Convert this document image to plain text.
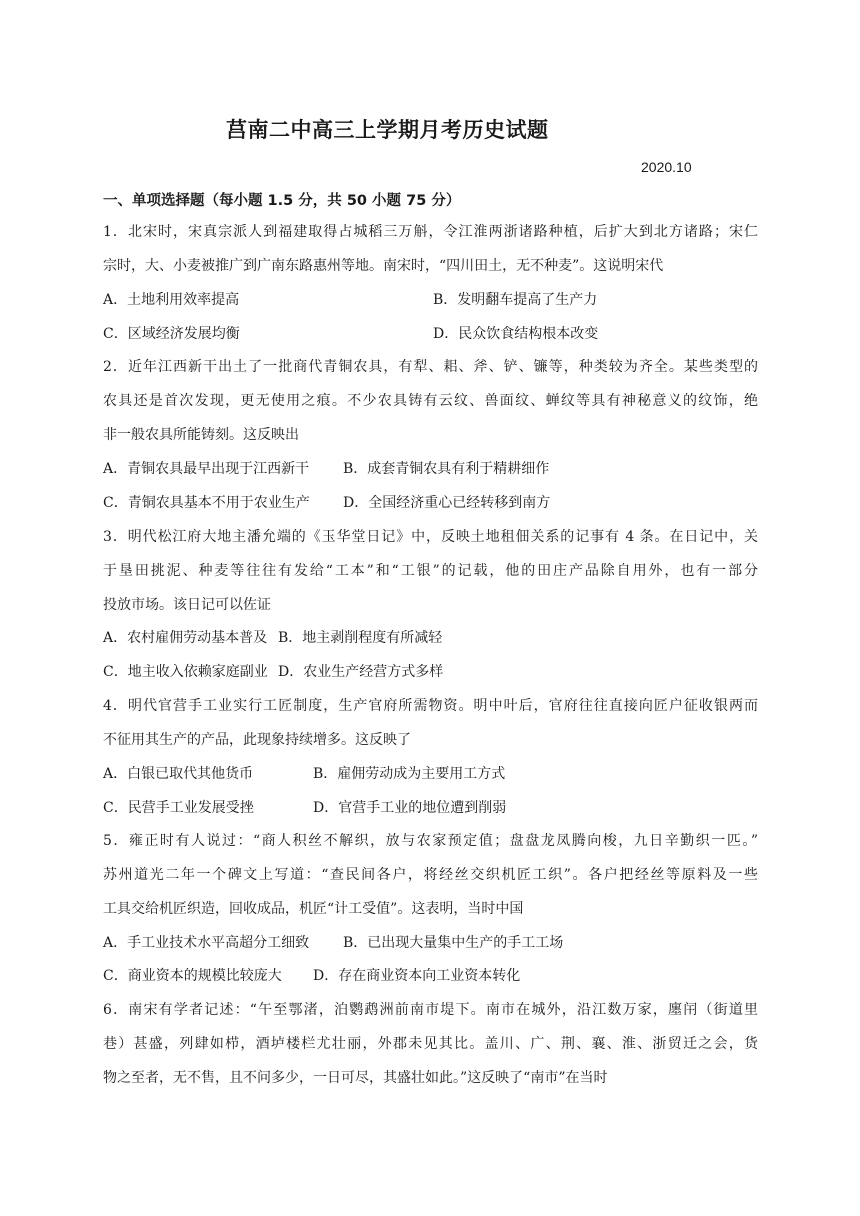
莒南二中高三上学期月考历史试题
2020.10
一、单项选择题（每小题 1.5 分，共 50 小题 75 分）
1．北宋时，宋真宗派人到福建取得占城稻三万斛，令江淮两浙诸路种植，后扩大到北方诸路；宋仁
宗时，大、小麦被推广到广南东路惠州等地。南宋时，“四川田土，无不种麦”。这说明宋代
A．土地利用效率提高	B．发明翻车提高了生产力
C．区域经济发展均衡	D．民众饮食结构根本改变
2．近年江西新干出土了一批商代青铜农具，有犁、耜、斧、铲、镰等，种类较为齐全。某些类型的
农具还是首次发现，更无使用之痕。不少农具铸有云纹、兽面纹、蝉纹等具有神秘意义的纹饰，绝
非一般农具所能铸刻。这反映出
A．青铜农具最早出现于江西新干 B．成套青铜农具有利于精耕细作
C．青铜农具基本不用于农业生产 D．全国经济重心已经转移到南方
3．明代松江府大地主潘允端的《玉华堂日记》中，反映土地租佃关系的记事有 4 条。在日记中，关
于垦田挑泥、种麦等往往有发给“工本”和“工银”的记载，他的田庄产品除自用外，也有一部分
投放市场。该日记可以佐证
A．农村雇佣劳动基本普及 B．地主剥削程度有所减轻
C．地主收入依赖家庭副业 D．农业生产经营方式多样
4．明代官营手工业实行工匠制度，生产官府所需物资。明中叶后，官府往往直接向匠户征收银两而
不征用其生产的产品，此现象持续增多。这反映了
A．白银已取代其他货币	B．雇佣劳动成为主要用工方式
C．民营手工业发展受挫	D．官营手工业的地位遭到削弱
5．雍正时有人说过：“商人积丝不解织，放与农家预定值；盘盘龙凤腾向梭，九日辛勤织一匹。”
苏州道光二年一个碑文上写道：“查民间各户，将经丝交织机匠工织”。各户把经丝等原料及一些
工具交给机匠织造，回收成品，机匠“计工受值”。这表明，当时中国
A．手工业技术水平高超分工细致 B．已出现大量集中生产的手工工场
C．商业资本的规模比较庞大 D．存在商业资本向工业资本转化
6．南宋有学者记述：“午至鄂渚，泊鹦鹉洲前南市堤下。南市在城外，沿江数万家，廛闬（街道里
巷）甚盛，列肆如栉，酒垆楼栏尤壮丽，外郡未见其比。盖川、广、荆、襄、淮、浙贸迁之会，货
物之至者，无不售，且不问多少，一日可尽，其盛壮如此。”这反映了“南市”在当时
